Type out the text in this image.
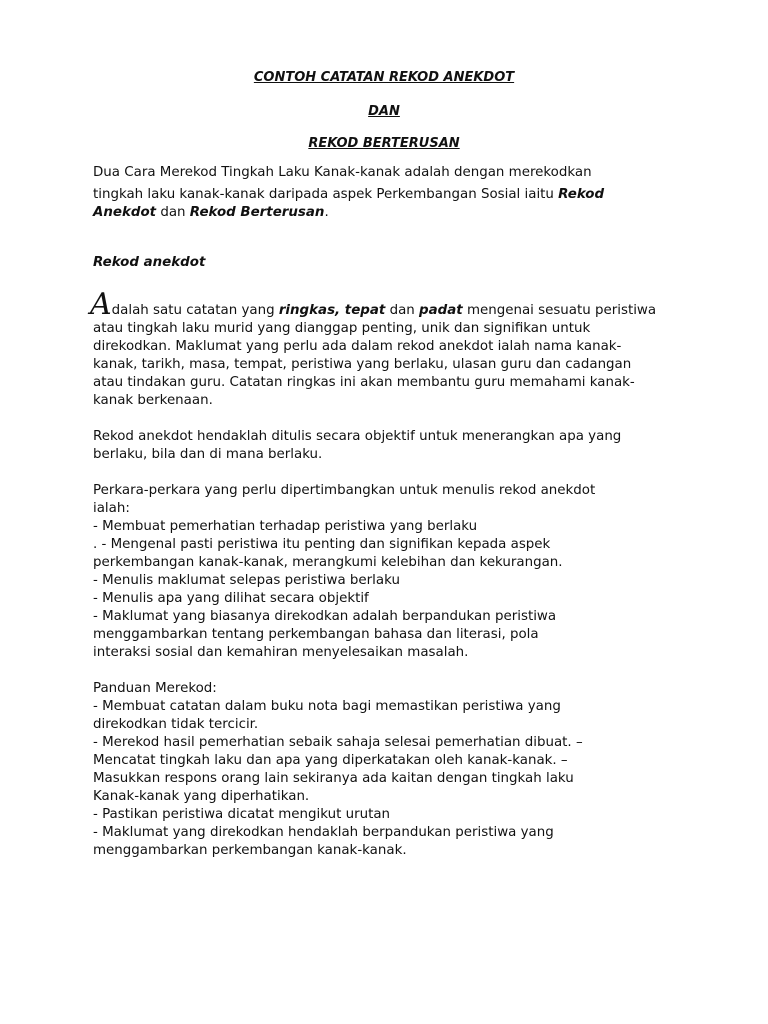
CONTOH CATATAN REKOD ANEKDOT
DAN
REKOD BERTERUSAN
Dua Cara Merekod Tingkah Laku Kanak-kanak adalah dengan merekodkan
tingkah laku kanak-kanak daripada aspek Perkembangan Sosial iaitu Rekod
Anekdot dan Rekod Berterusan.
Rekod anekdot
Adalah satu catatan yang ringkas, tepat dan padat mengenai sesuatu peristiwa
atau tingkah laku murid yang dianggap penting, unik dan signifikan untuk
direkodkan. Maklumat yang perlu ada dalam rekod anekdot ialah nama kanak-
kanak, tarikh, masa, tempat, peristiwa yang berlaku, ulasan guru dan cadangan
atau tindakan guru. Catatan ringkas ini akan membantu guru memahami kanak-
kanak berkenaan.
Rekod anekdot hendaklah ditulis secara objektif untuk menerangkan apa yang
berlaku, bila dan di mana berlaku.
Perkara-perkara yang perlu dipertimbangkan untuk menulis rekod anekdot
ialah:
- Membuat pemerhatian terhadap peristiwa yang berlaku
. - Mengenal pasti peristiwa itu penting dan signifikan kepada aspek
perkembangan kanak-kanak, merangkumi kelebihan dan kekurangan.
- Menulis maklumat selepas peristiwa berlaku
- Menulis apa yang dilihat secara objektif
- Maklumat yang biasanya direkodkan adalah berpandukan peristiwa
menggambarkan tentang perkembangan bahasa dan literasi, pola
interaksi sosial dan kemahiran menyelesaikan masalah.
Panduan Merekod:
- Membuat catatan dalam buku nota bagi memastikan peristiwa yang
direkodkan tidak tercicir.
- Merekod hasil pemerhatian sebaik sahaja selesai pemerhatian dibuat. –
Mencatat tingkah laku dan apa yang diperkatakan oleh kanak-kanak. –
Masukkan respons orang lain sekiranya ada kaitan dengan tingkah laku
Kanak-kanak yang diperhatikan.
- Pastikan peristiwa dicatat mengikut urutan
- Maklumat yang direkodkan hendaklah berpandukan peristiwa yang
menggambarkan perkembangan kanak-kanak.
